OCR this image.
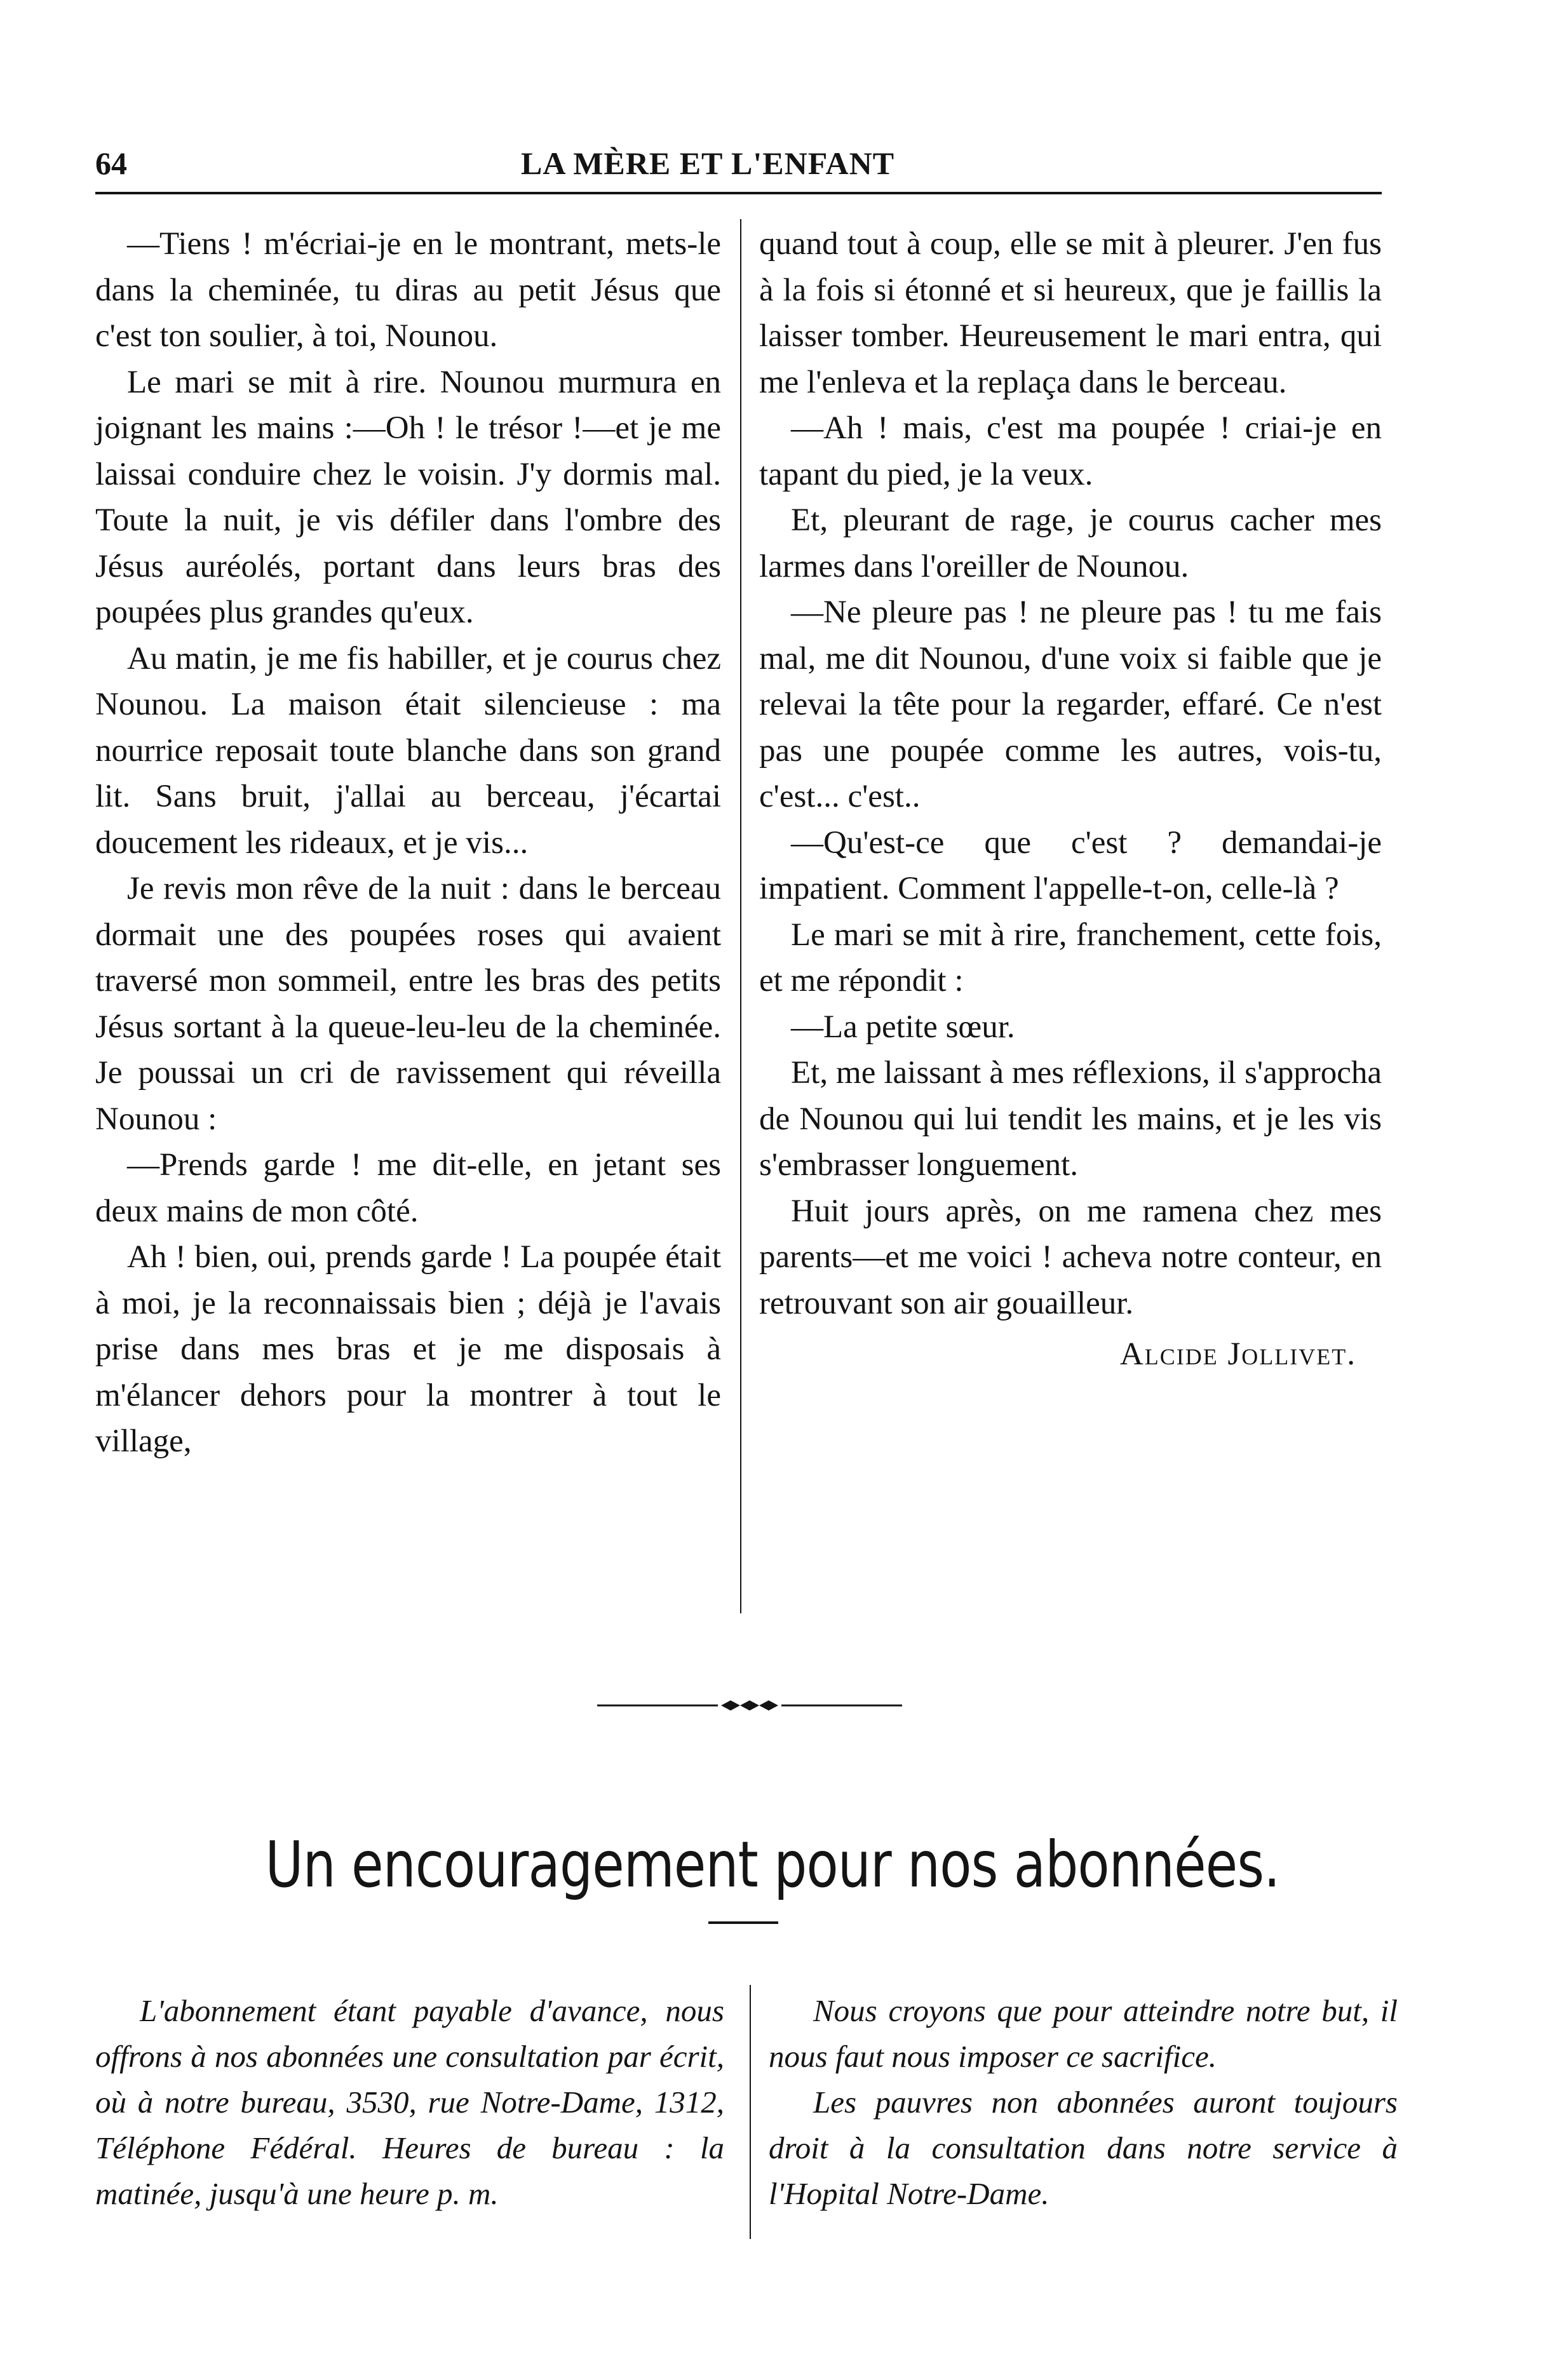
64	LA MÈRE ET L'ENFANT

—Tiens ! m'écriai-je en le montrant, mets-le dans la cheminée, tu diras au petit Jésus que c'est ton soulier, à toi, Nounou.

Le mari se mit à rire. Nounou murmura en joignant les mains :—Oh ! le trésor !—et je me laissai conduire chez le voisin. J'y dormis mal. Toute la nuit, je vis défiler dans l'ombre des Jésus auréolés, portant dans leurs bras des poupées plus grandes qu'eux.

Au matin, je me fis habiller, et je courus chez Nounou. La maison était silencieuse : ma nourrice reposait toute blanche dans son grand lit. Sans bruit, j'allai au berceau, j'écartai doucement les rideaux, et je vis...

Je revis mon rêve de la nuit : dans le berceau dormait une des poupées roses qui avaient traversé mon sommeil, entre les bras des petits Jésus sortant à la queue-leu-leu de la cheminée. Je poussai un cri de ravissement qui réveilla Nounou :

—Prends garde ! me dit-elle, en jetant ses deux mains de mon côté.

Ah ! bien, oui, prends garde ! La poupée était à moi, je la reconnaissais bien ; déjà je l'avais prise dans mes bras et je me disposais à m'élancer dehors pour la montrer à tout le village,

quand tout à coup, elle se mit à pleurer. J'en fus à la fois si étonné et si heureux, que je faillis la laisser tomber. Heureusement le mari entra, qui me l'enleva et la replaça dans le berceau.

—Ah ! mais, c'est ma poupée ! criai-je en tapant du pied, je la veux.

Et, pleurant de rage, je courus cacher mes larmes dans l'oreiller de Nounou.

—Ne pleure pas ! ne pleure pas ! tu me fais mal, me dit Nounou, d'une voix si faible que je relevai la tête pour la regarder, effaré. Ce n'est pas une poupée comme les autres, vois-tu, c'est... c'est..

—Qu'est-ce que c'est ? demandai-je impatient. Comment l'appelle-t-on, celle-là ?

Le mari se mit à rire, franchement, cette fois, et me répondit :

—La petite sœur.

Et, me laissant à mes réflexions, il s'approcha de Nounou qui lui tendit les mains, et je les vis s'embrasser longuement.

Huit jours après, on me ramena chez mes parents—et me voici ! acheva notre conteur, en retrouvant son air gouailleur.

Alcide Jollivet.

Un encouragement pour nos abonnées.

L'abonnement étant payable d'avance, nous offrons à nos abonnées une consultation par écrit, où à notre bureau, 3530, rue Notre-Dame, 1312, Téléphone Fédéral. Heures de bureau : la matinée, jusqu'à une heure p. m.

Nous croyons que pour atteindre notre but, il nous faut nous imposer ce sacrifice.

Les pauvres non abonnées auront toujours droit à la consultation dans notre service à l'Hopital Notre-Dame.
